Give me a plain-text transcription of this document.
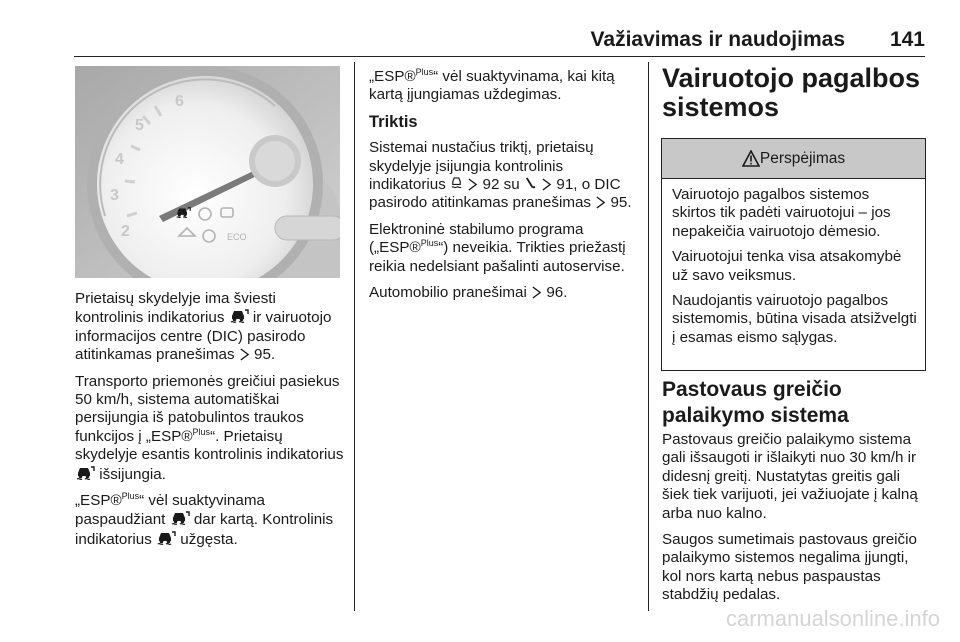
Važiavimas ir naudojimas 141
5
4
3
2
6
ECO

Prietaisų skydelyje ima šviesti kontrolinis indikatorius ir vairuotojo informacijos centre (DIC) pasirodo atitinkamas pranešimas 95.

Transporto priemonės greičiui pasiekus 50 km/h, sistema automatiškai persijungia iš patobulintos traukos funkcijos į „ESP®$^{Plus}$“. Prietaisų skydelyje esantis kontrolinis indikatorius  išsijungia.

„ESP®$^{Plus}$“ vėl suaktyvinama paspaudžiant dar kartą. Kontrolinis indikatorius užgęsta.

„ESP®$^{Plus}$“ vėl suaktyvinama, kai kitą kartą įjungiamas uždegimas.

Triktis

Sistemai nustačius triktį, prietaisų skydelyje įsijungia kontrolinis indikatorius 92 su 91, o DIC pasirodo atitinkamas pranešimas 95.

Elektroninė stabilumo programa („ESP®$^{Plus}$“) neveikia. Trikties priežastį reikia nedelsiant pašalinti autoservise.

Automobilio pranešimai 96.

Vairuotojo pagalbos sistemos
Perspėjimas

Vairuotojo pagalbos sistemos skirtos tik padėti vairuotojui – jos nepakeičia vairuotojo dėmesio.

Vairuotojui tenka visa atsakomybė už savo veiksmus.

Naudojantis vairuotojo pagalbos sistemomis, būtina visada atsižvelgti į esamas eismo sąlygas.

Pastovaus greičio palaikymo sistema

Pastovaus greičio palaikymo sistema gali išsaugoti ir išlaikyti nuo 30 km/h ir didesnį greitį. Nustatytas greitis gali šiek tiek varijuoti, jei važiuojate į kalną arba nuo kalno.

Saugos sumetimais pastovaus greičio palaikymo sistemos negalima įjungti, kol nors kartą nebus paspaustas stabdžių pedalas.

carmanualsonline.info
